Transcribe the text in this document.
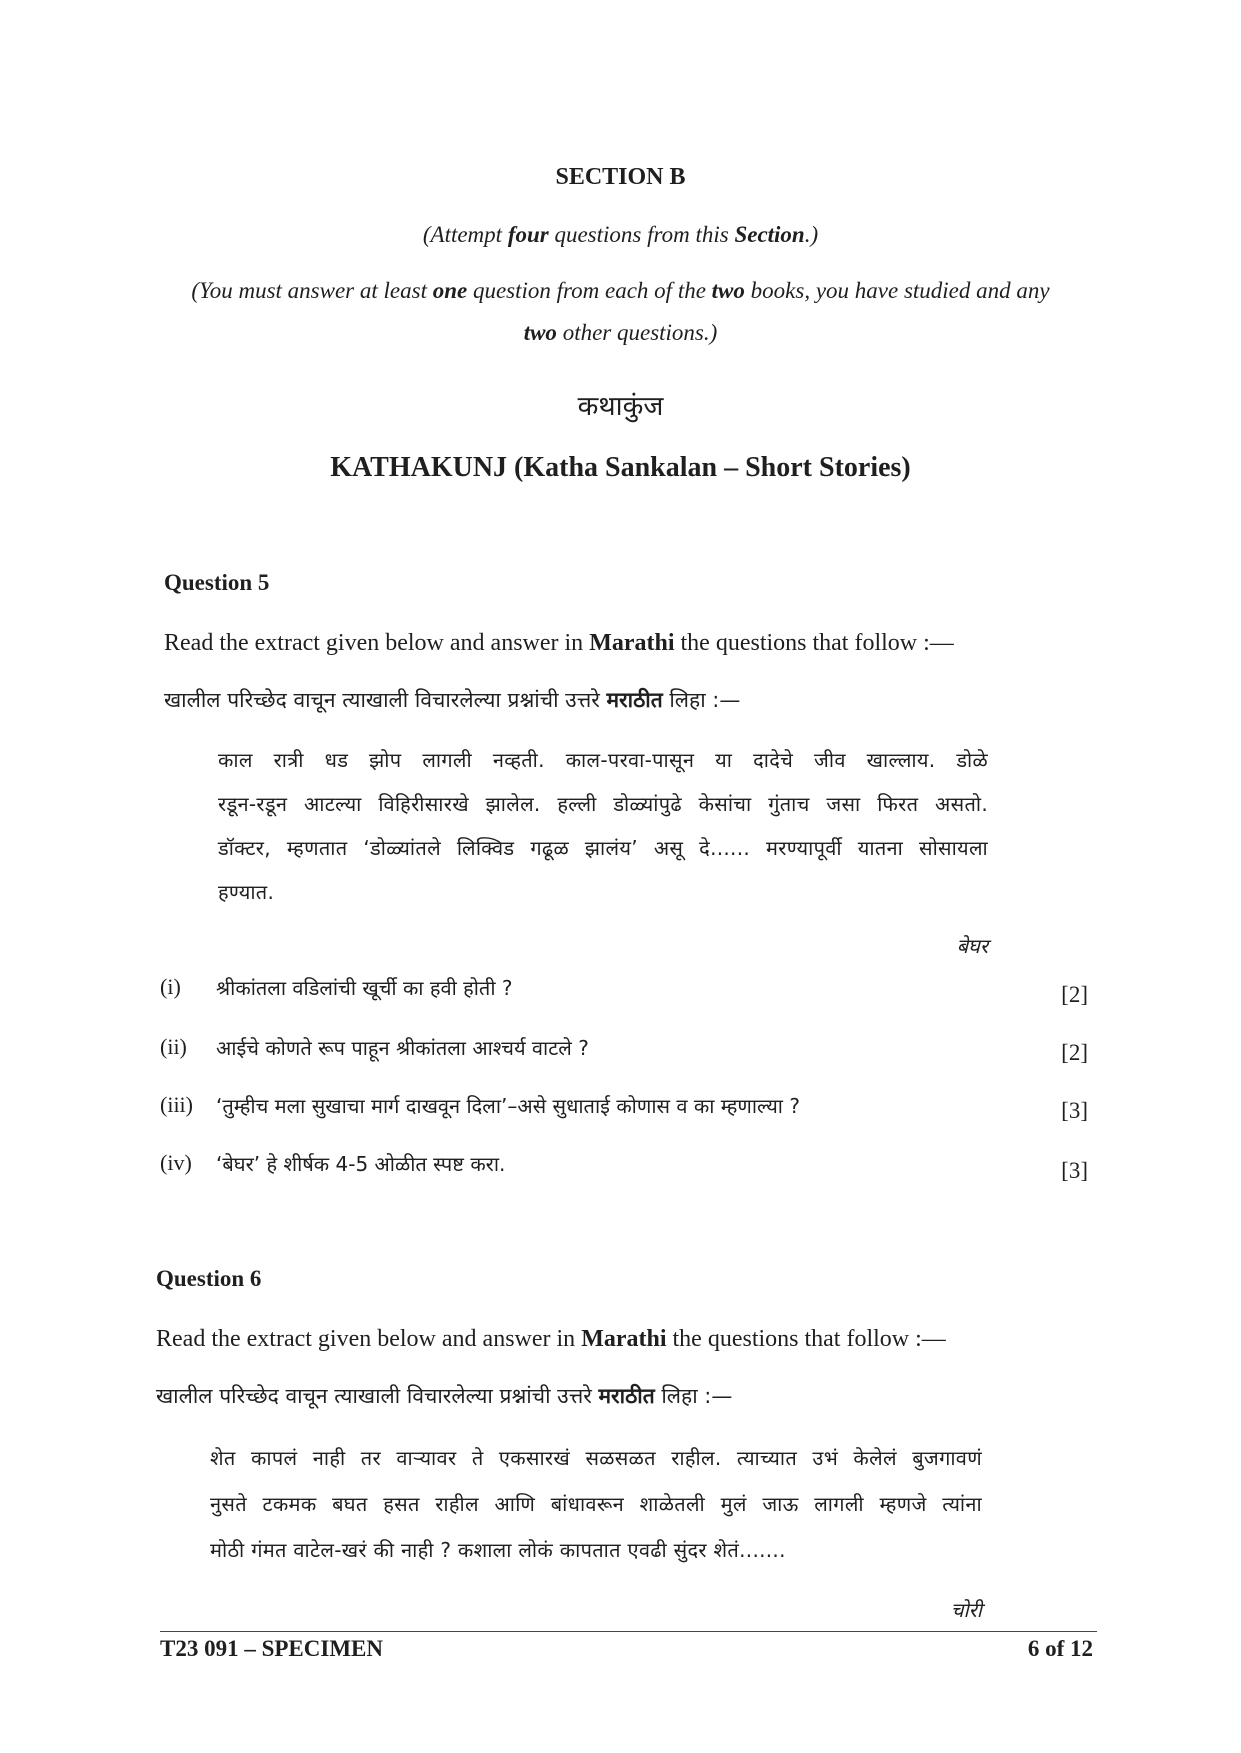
SECTION B
(Attempt four questions from this Section.)
(You must answer at least one question from each of the two books, you have studied and any
two other questions.)
कथाकुंज
KATHAKUNJ (Katha Sankalan – Short Stories)
Question 5
Read the extract given below and answer in Marathi the questions that follow :—
खालील परिच्छेद वाचून त्याखाली विचारलेल्या प्रश्नांची उत्तरे मराठीत लिहा :—
काल रात्री धड झोप लागली नव्हती. काल-परवा-पासून या दादेचे जीव खाल्लाय. डोळे
रडून-रडून आटल्या विहिरीसारखे झालेल. हल्ली डोळ्यांपुढे केसांचा गुंताच जसा फिरत असतो.
डॉक्टर, म्हणतात ‘डोळ्यांतले लिक्विड गढूळ झालंय’ असू दे...... मरण्यापूर्वी यातना सोसायला
हण्यात.
बेघर
(i) श्रीकांतला वडिलांची खूर्ची का हवी होती ?	[2]
(ii) आईचे कोणते रूप पाहून श्रीकांतला आश्चर्य वाटले ?	[2]
(iii) ‘तुम्हीच मला सुखाचा मार्ग दाखवून दिला’–असे सुधाताई कोणास व का म्हणाल्या ?	[3]
(iv) ‘बेघर’ हे शीर्षक 4-5 ओळीत स्पष्ट करा.	[3]
Question 6
Read the extract given below and answer in Marathi the questions that follow :—
खालील परिच्छेद वाचून त्याखाली विचारलेल्या प्रश्नांची उत्तरे मराठीत लिहा :—
शेत कापलं नाही तर वाऱ्यावर ते एकसारखं सळसळत राहील. त्याच्यात उभं केलेलं बुजगावणं
नुसते टकमक बघत हसत राहील आणि बांधावरून शाळेतली मुलं जाऊ लागली म्हणजे त्यांना
मोठी गंमत वाटेल-खरं की नाही ? कशाला लोकं कापतात एवढी सुंदर शेतं.......
चोरी
T23 091 – SPECIMEN	6 of 12
